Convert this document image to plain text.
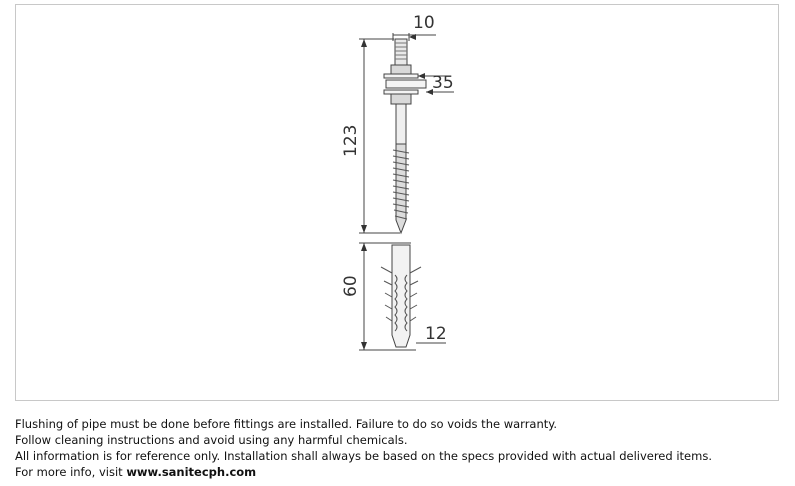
10
35
123
60
12

Flushing of pipe must be done before fittings are installed. Failure to do so voids the warranty.

Follow cleaning instructions and avoid using any harmful chemicals.

All information is for reference only. Installation shall always be based on the specs provided with actual delivered items.

For more info, visit www.sanitecph.com
